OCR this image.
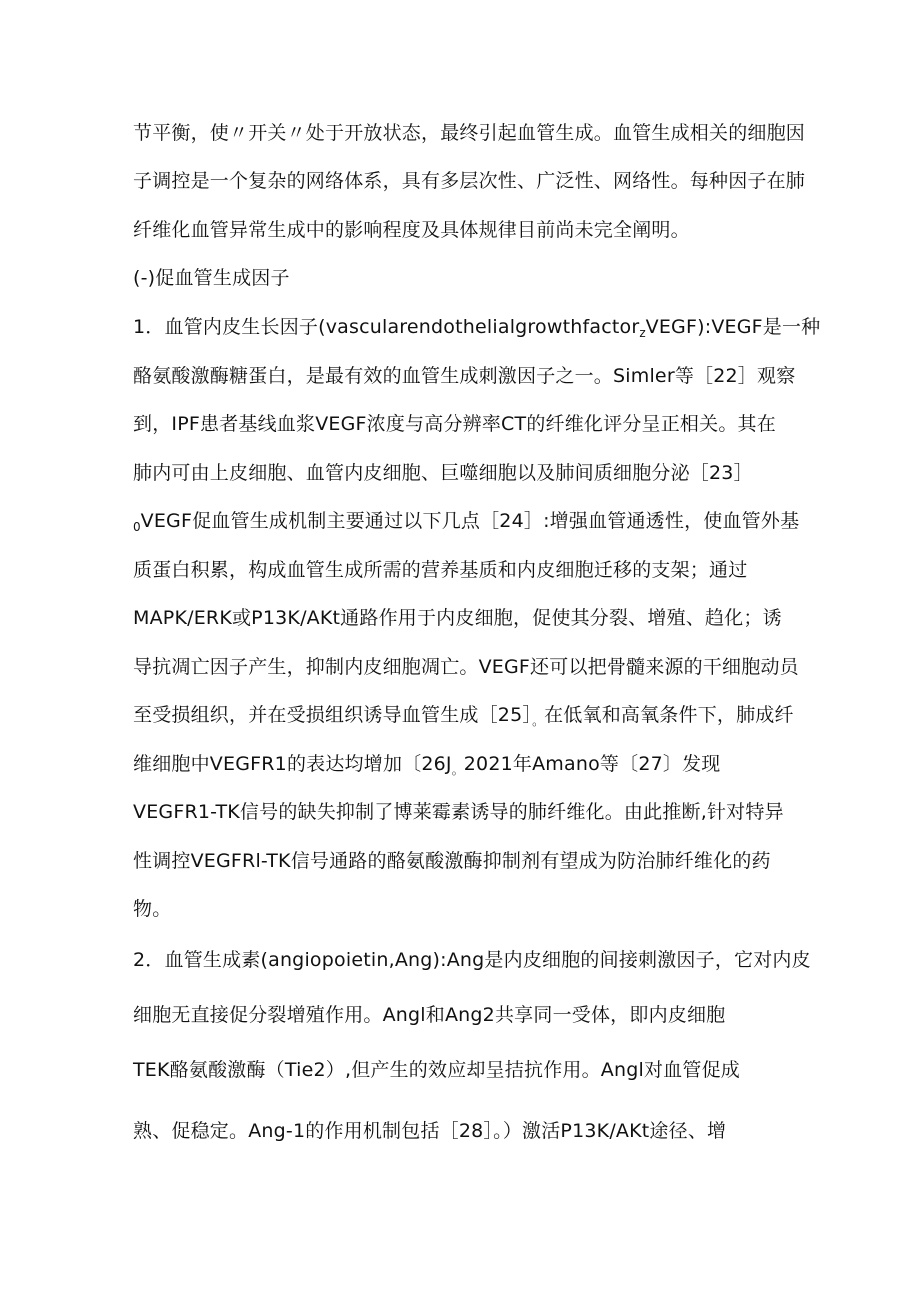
节平衡，使〃开关〃处于开放状态，最终引起血管生成。血管生成相关的细胞因
子调控是一个复杂的网络体系，具有多层次性、广泛性、网络性。每种因子在肺
纤维化血管异常生成中的影响程度及具体规律目前尚未完全阐明。
(-)促血管生成因子
1．血管内皮生长因子(vascularendothelialgrowthfactor$_z$VEGF):VEGF是一种
酪氨酸激酶糖蛋白，是最有效的血管生成刺激因子之一。Simler等［22］观察
到，IPF患者基线血浆VEGF浓度与高分辨率CT的纤维化评分呈正相关。其在
肺内可由上皮细胞、血管内皮细胞、巨噬细胞以及肺间质细胞分泌［23］
$_0$VEGF促血管生成机制主要通过以下几点［24］:增强血管通透性，使血管外基
质蛋白积累，构成血管生成所需的营养基质和内皮细胞迁移的支架；通过
MAPK/ERK或P13K/AKt通路作用于内皮细胞，促使其分裂、增殖、趋化；诱
导抗凋亡因子产生，抑制内皮细胞凋亡。VEGF还可以把骨髓来源的干细胞动员
至受损组织，并在受损组织诱导血管生成$[25]_。$在低氧和高氧条件下，肺成纤
维细胞中VEGFR1的表达均增加〔$26J_。2021$年Amano等〔27〕发现
VEGFR1-TK信号的缺失抑制了博莱霉素诱导的肺纤维化。由此推断,针对特异
性调控VEGFRl-TK信号通路的酪氨酸激酶抑制剂有望成为防治肺纤维化的药
物。
2．血管生成素(angiopoietin,Ang):Ang是内皮细胞的间接刺激因子，它对内皮
细胞无直接促分裂增殖作用。Angl和Ang2共享同一受体，即内皮细胞
TEK酪氨酸激酶（Tie2）,但产生的效应却呈拮抗作用。Angl对血管促成
熟、促稳定。Ang-1的作用机制包括［28］。）激活P13K/AKt途径、增
